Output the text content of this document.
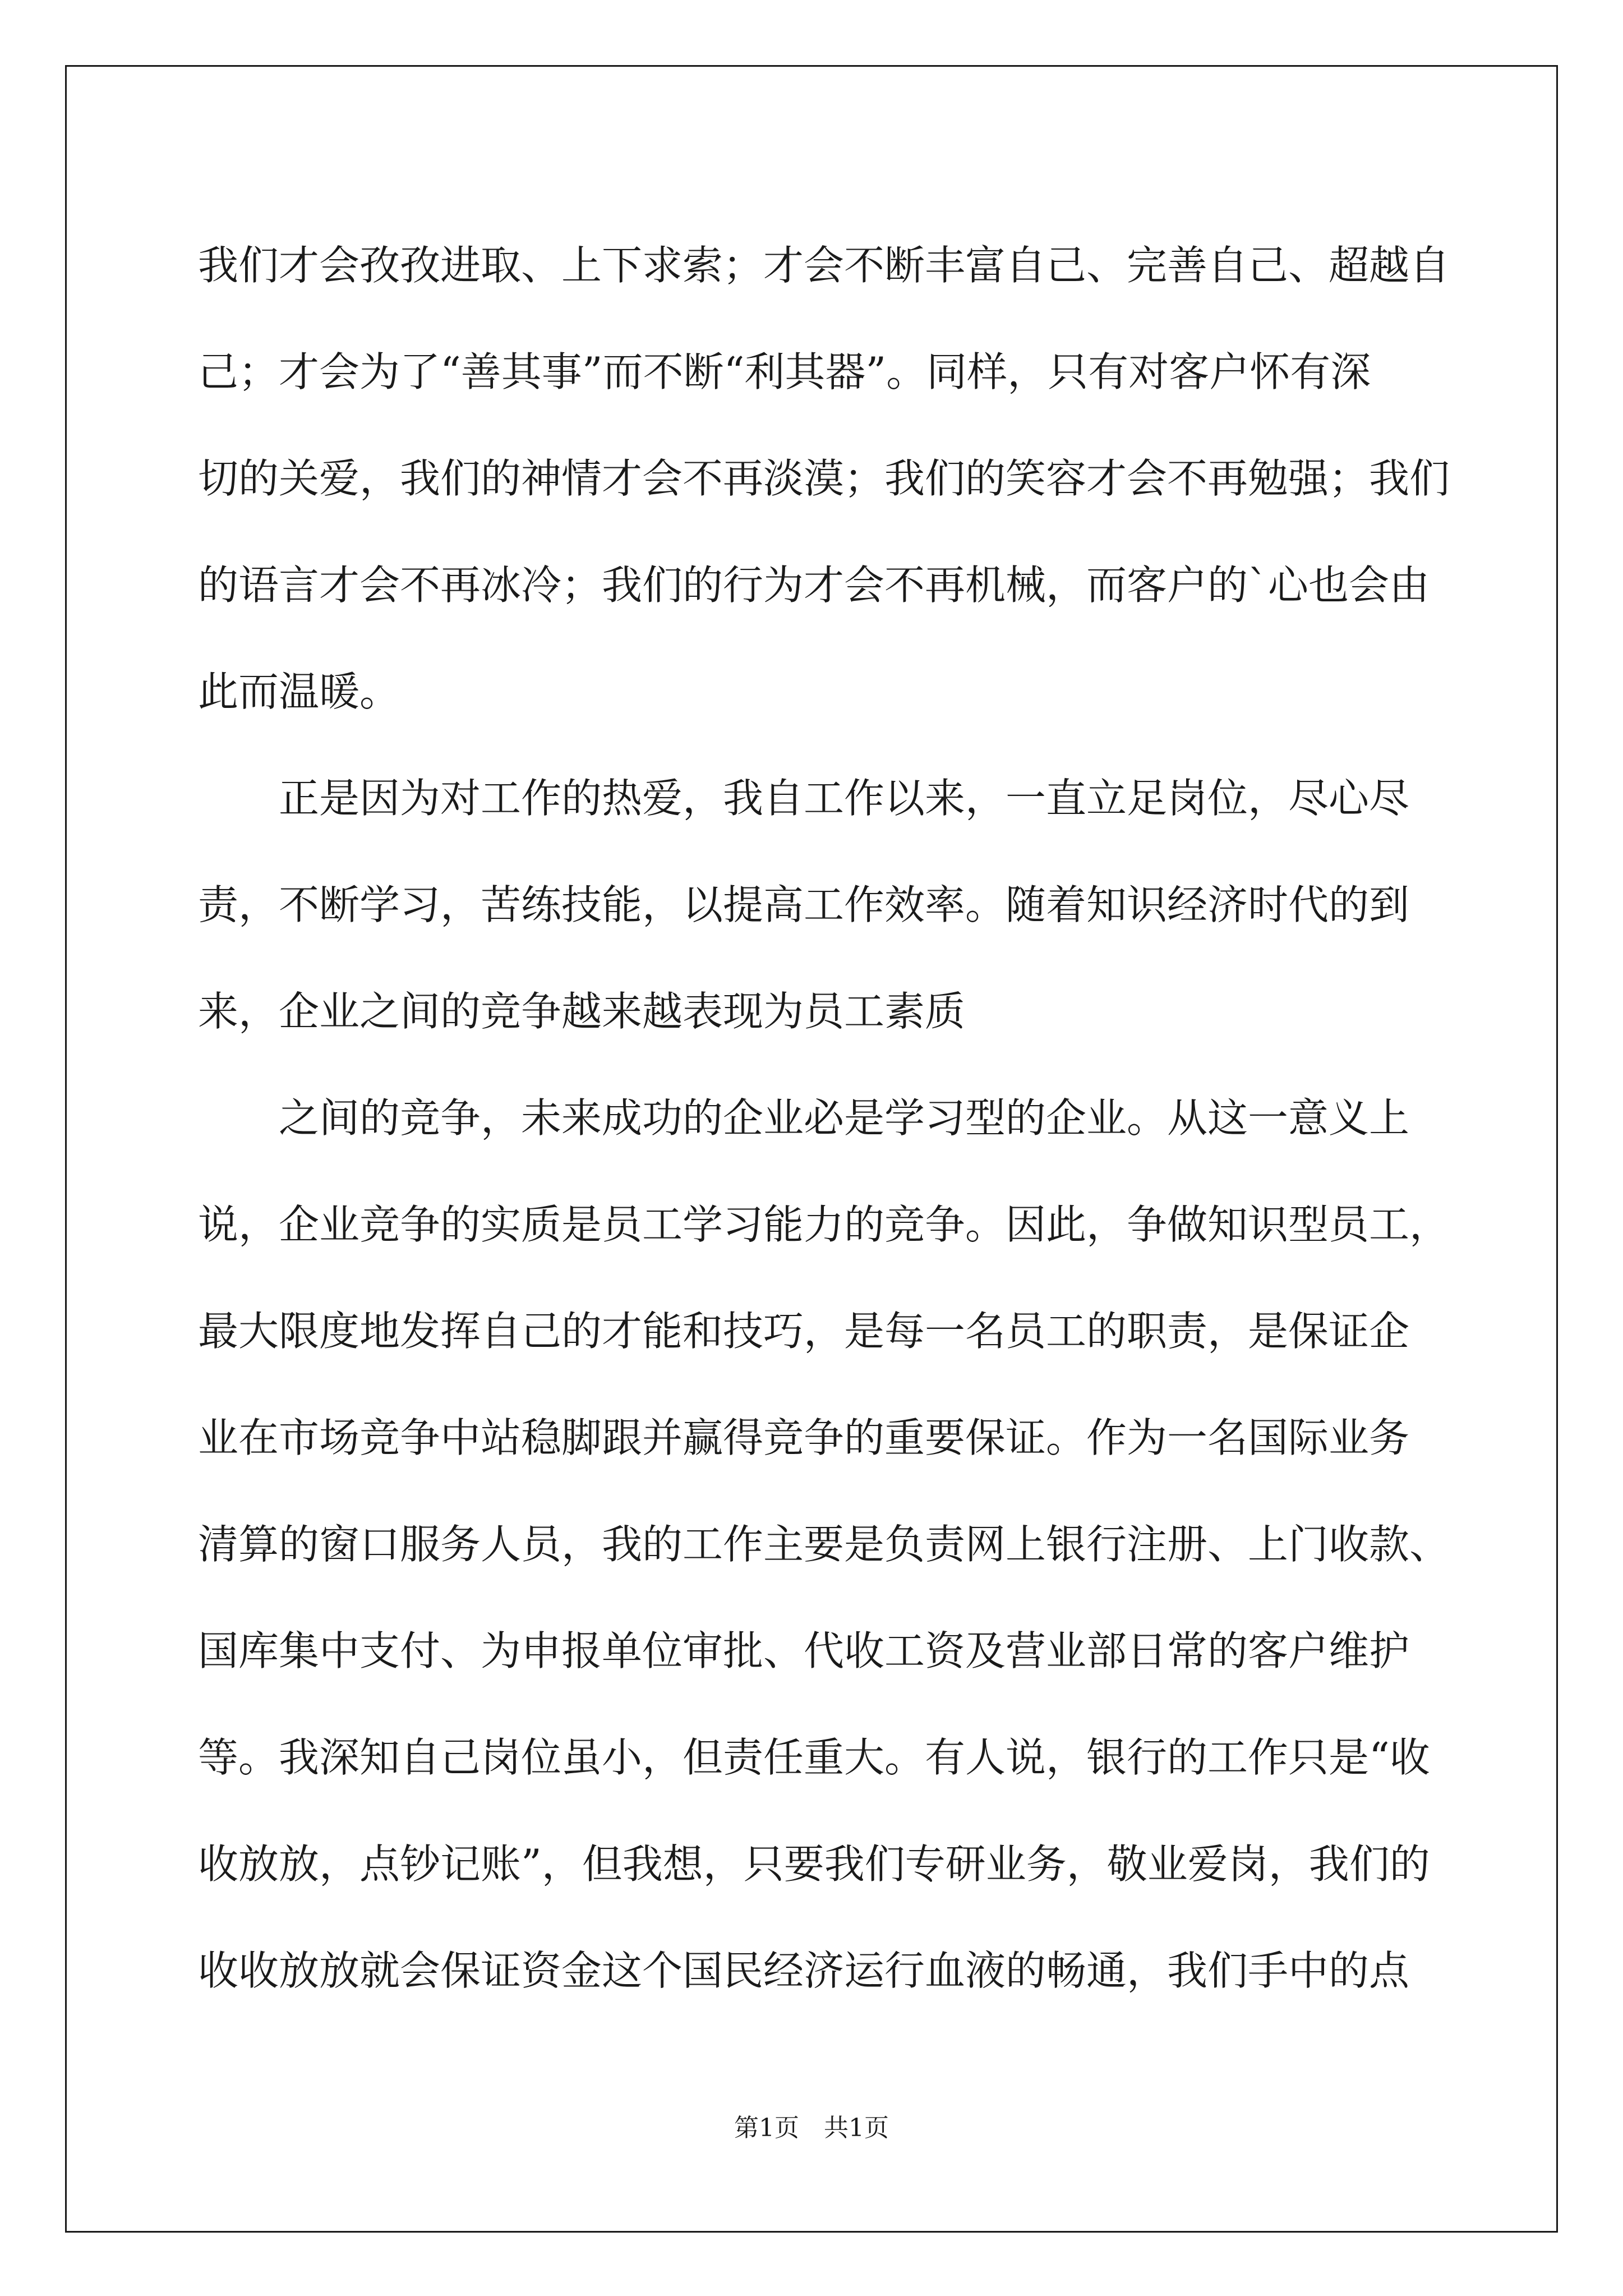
我们才会孜孜进取、上下求索；才会不断丰富自己、完善自己、超越自
己；才会为了“善其事”而不断“利其器”。同样，只有对客户怀有深
切的关爱，我们的神情才会不再淡漠；我们的笑容才会不再勉强；我们
的语言才会不再冰冷；我们的行为才会不再机械，而客户的`心也会由
此而温暖。
正是因为对工作的热爱，我自工作以来，一直立足岗位，尽心尽
责，不断学习，苦练技能，以提高工作效率。随着知识经济时代的到
来，企业之间的竞争越来越表现为员工素质
之间的竞争，未来成功的企业必是学习型的企业。从这一意义上
说，企业竞争的实质是员工学习能力的竞争。因此，争做知识型员工，
最大限度地发挥自己的才能和技巧，是每一名员工的职责，是保证企
业在市场竞争中站稳脚跟并赢得竞争的重要保证。作为一名国际业务
清算的窗口服务人员，我的工作主要是负责网上银行注册、上门收款、
国库集中支付、为申报单位审批、代收工资及营业部日常的客户维护
等。我深知自己岗位虽小，但责任重大。有人说，银行的工作只是“收
收放放，点钞记账”，但我想，只要我们专研业务，敬业爱岗，我们的
收收放放就会保证资金这个国民经济运行血液的畅通，我们手中的点
第1页　共1页
